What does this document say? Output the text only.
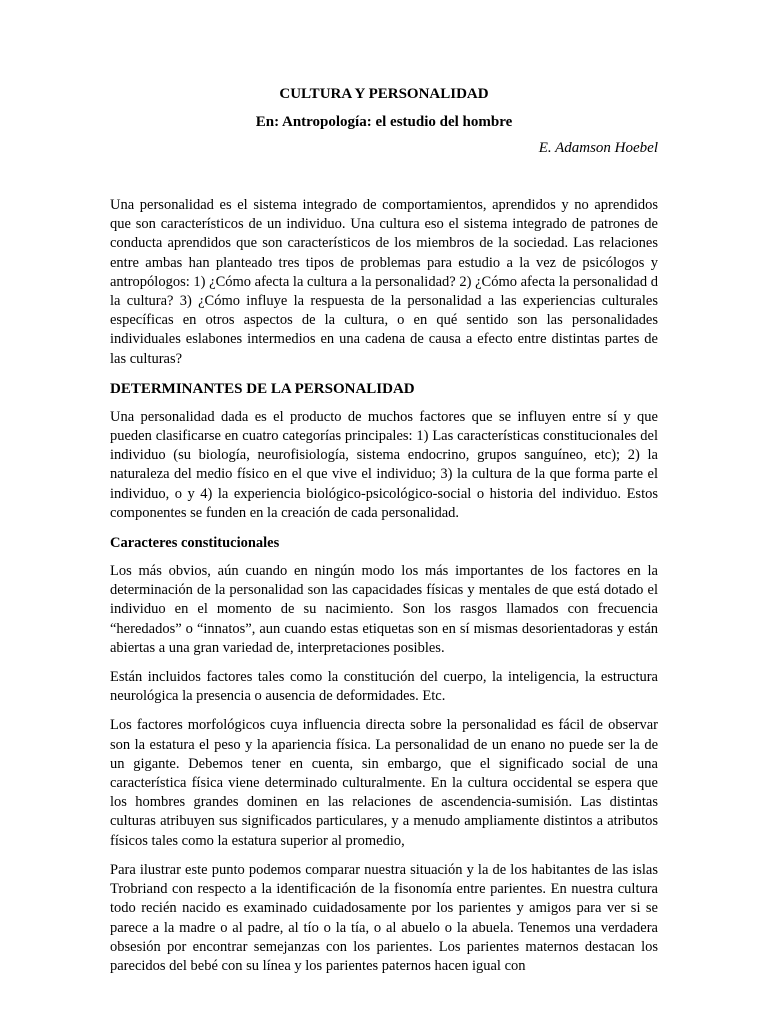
CULTURA Y PERSONALIDAD
En: Antropología: el estudio del hombre
E. Adamson Hoebel

Una personalidad es el sistema integrado de comportamientos, aprendidos y no aprendidos que son característicos de un individuo. Una cultura eso el sistema integrado de patrones de conducta aprendidos que son característicos de los miembros de la sociedad. Las relaciones entre ambas han planteado tres tipos de problemas para estudio a la vez de psicólogos y antropólogos: 1) ¿Cómo afecta la cultura a la personalidad? 2) ¿Cómo afecta la personalidad d la cultura? 3) ¿Cómo influye la respuesta de la personalidad a las experiencias culturales específicas en otros aspectos de la cultura, o en qué sentido son las personalidades individuales eslabones intermedios en una cadena de causa a efecto entre distintas partes de las culturas?

DETERMINANTES DE LA PERSONALIDAD

Una personalidad dada es el producto de muchos factores que se influyen entre sí y que pueden clasificarse en cuatro categorías principales: 1) Las características constitucionales del individuo (su biología, neurofisiología, sistema endocrino, grupos sanguíneo, etc); 2) la naturaleza del medio físico en el que vive el individuo; 3) la cultura de la que forma parte el individuo, o y 4) la experiencia biológico-psicológico-social o historia del individuo. Estos componentes se funden en la creación de cada personalidad.

Caracteres constitucionales

Los más obvios, aún cuando en ningún modo los más importantes de los factores en la determinación de la personalidad son las capacidades físicas y mentales de que está dotado el individuo en el momento de su nacimiento. Son los rasgos llamados con frecuencia “heredados” o “innatos”, aun cuando estas etiquetas son en sí mismas desorientadoras y están abiertas a una gran variedad de, interpretaciones posibles.

Están incluidos factores tales como la constitución del cuerpo, la inteligencia, la estructura neurológica la presencia o ausencia de deformidades. Etc.

Los factores morfológicos cuya influencia directa sobre la personalidad es fácil de observar son la estatura el peso y la apariencia física. La personalidad de un enano no puede ser la de un gigante. Debemos tener en cuenta, sin embargo, que el significado social de una característica física viene determinado culturalmente. En la cultura occidental se espera que los hombres grandes dominen en las relaciones de ascendencia-sumisión. Las distintas culturas atribuyen sus significados particulares, y a menudo ampliamente distintos a atributos físicos tales como la estatura superior al promedio,

Para ilustrar este punto podemos comparar nuestra situación y la de los habitantes de las islas Trobriand con respecto a la identificación de la fisonomía entre parientes. En nuestra cultura todo recién nacido es examinado cuidadosamente por los parientes y amigos para ver si se parece a la madre o al padre, al tío o la tía, o al abuelo o la abuela. Tenemos una verdadera obsesión por encontrar semejanzas con los parientes. Los parientes maternos destacan los parecidos del bebé con su línea y los parientes paternos hacen igual con
